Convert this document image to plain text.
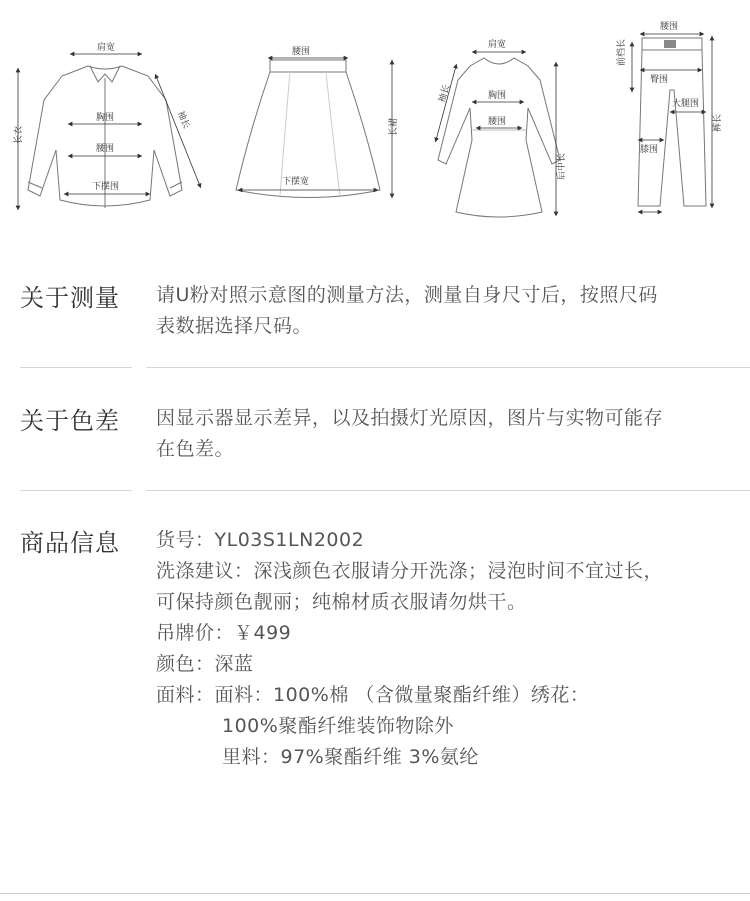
肩宽
胸围
腰围
下摆围
长衣
袖长
腰围
下摆宽
长裙
肩宽
胸围
腰围
袖长
后中长
腰围
前档长
臀围
大腿围
膝围
裤长
关于测量 请U粉对照示意图的测量方法，测量自身尺寸后，按照尺码
表数据选择尺码。
关于色差 因显示器显示差异，以及拍摄灯光原因，图片与实物可能存
在色差。
商品信息 货号：YL03S1LN2002
洗涤建议：深浅颜色衣服请分开洗涤；浸泡时间不宜过长，
可保持颜色靓丽；纯棉材质衣服请勿烘干。
吊牌价：￥499
颜色：深蓝
面料：面料：100%棉 （含微量聚酯纤维）绣花：
100%聚酯纤维装饰物除外
里料：97%聚酯纤维 3%氨纶
